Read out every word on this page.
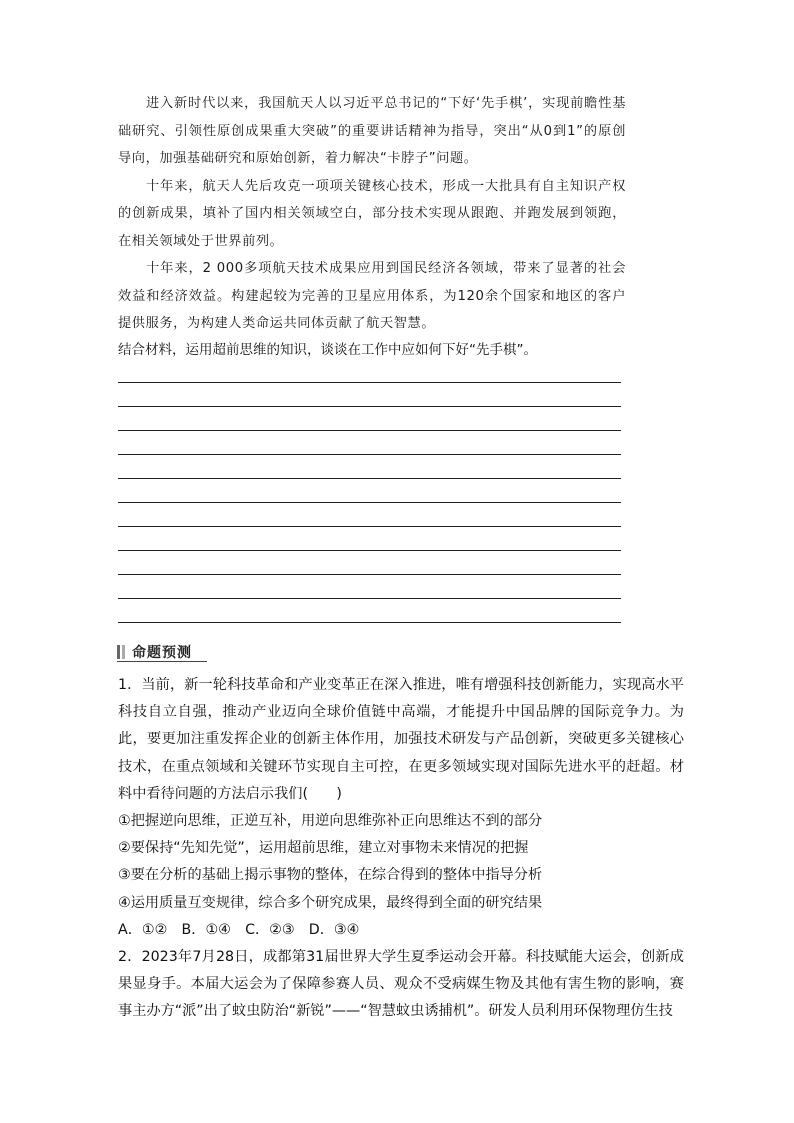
进入新时代以来，我国航天人以习近平总书记的“下好‘先手棋’，实现前瞻性基础研究、引领性原创成果重大突破”的重要讲话精神为指导，突出“从0到1”的原创导向，加强基础研究和原始创新，着力解决“卡脖子”问题。

十年来，航天人先后攻克一项项关键核心技术，形成一大批具有自主知识产权的创新成果，填补了国内相关领域空白，部分技术实现从跟跑、并跑发展到领跑，在相关领域处于世界前列。

十年来，2 000多项航天技术成果应用到国民经济各领域，带来了显著的社会效益和经济效益。构建起较为完善的卫星应用体系，为120余个国家和地区的客户提供服务，为构建人类命运共同体贡献了航天智慧。

结合材料，运用超前思维的知识，谈谈在工作中应如何下好“先手棋”。

命题预测

1．当前，新一轮科技革命和产业变革正在深入推进，唯有增强科技创新能力，实现高水平科技自立自强，推动产业迈向全球价值链中高端，才能提升中国品牌的国际竞争力。为此，要更加注重发挥企业的创新主体作用，加强技术研发与产品创新，突破更多关键核心技术，在重点领域和关键环节实现自主可控，在更多领域实现对国际先进水平的赶超。材料中看待问题的方法启示我们(　　)

①把握逆向思维，正逆互补，用逆向思维弥补正向思维达不到的部分

②要保持“先知先觉”，运用超前思维，建立对事物未来情况的把握

③要在分析的基础上揭示事物的整体，在综合得到的整体中指导分析

④运用质量互变规律，综合多个研究成果，最终得到全面的研究结果

A．①②　B．①④　C．②③　D．③④

2．2023年7月28日，成都第31届世界大学生夏季运动会开幕。科技赋能大运会，创新成果显身手。本届大运会为了保障参赛人员、观众不受病媒生物及其他有害生物的影响，赛事主办方“派”出了蚊虫防治“新锐”——“智慧蚊虫诱捕机”。研发人员利用环保物理仿生技
